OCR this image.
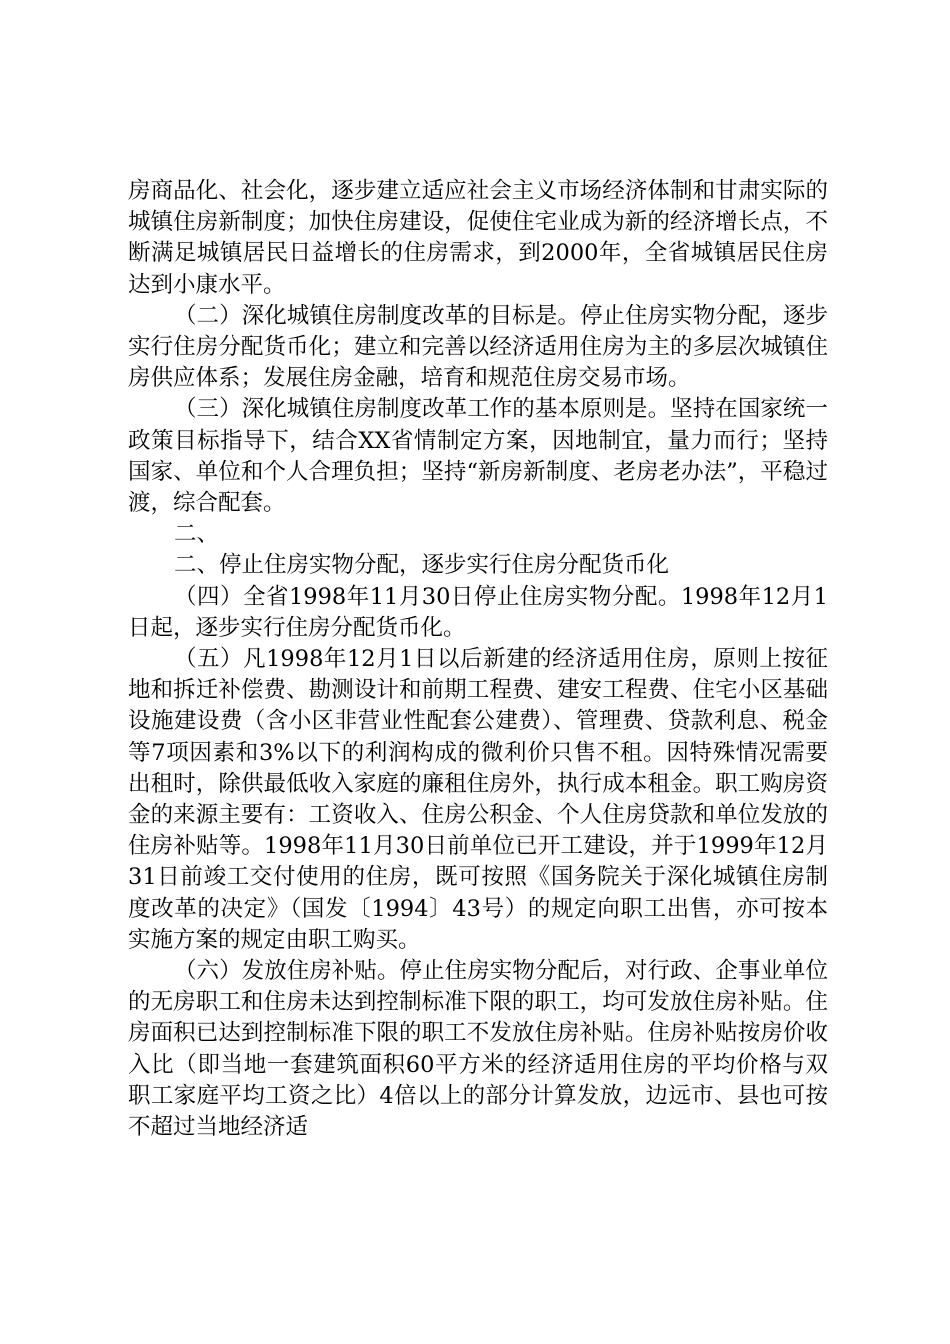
房商品化、社会化，逐步建立适应社会主义市场经济体制和甘肃实际的城镇住房新制度；加快住房建设，促使住宅业成为新的经济增长点，不断满足城镇居民日益增长的住房需求，到2000年，全省城镇居民住房达到小康水平。

（二）深化城镇住房制度改革的目标是。停止住房实物分配，逐步实行住房分配货币化；建立和完善以经济适用住房为主的多层次城镇住房供应体系；发展住房金融，培育和规范住房交易市场。

（三）深化城镇住房制度改革工作的基本原则是。坚持在国家统一政策目标指导下，结合XX省情制定方案，因地制宜，量力而行；坚持国家、单位和个人合理负担；坚持“新房新制度、老房老办法”，平稳过渡，综合配套。

二、

二、停止住房实物分配，逐步实行住房分配货币化

（四）全省1998年11月30日停止住房实物分配。1998年12月1日起，逐步实行住房分配货币化。

（五）凡1998年12月1日以后新建的经济适用住房，原则上按征地和拆迁补偿费、勘测设计和前期工程费、建安工程费、住宅小区基础设施建设费（含小区非营业性配套公建费）、管理费、贷款利息、税金等7项因素和3%以下的利润构成的微利价只售不租。因特殊情况需要出租时，除供最低收入家庭的廉租住房外，执行成本租金。职工购房资金的来源主要有：工资收入、住房公积金、个人住房贷款和单位发放的住房补贴等。1998年11月30日前单位已开工建设，并于1999年12月31日前竣工交付使用的住房，既可按照《国务院关于深化城镇住房制度改革的决定》（国发〔1994〕43号）的规定向职工出售，亦可按本实施方案的规定由职工购买。

（六）发放住房补贴。停止住房实物分配后，对行政、企事业单位的无房职工和住房未达到控制标准下限的职工，均可发放住房补贴。住房面积已达到控制标准下限的职工不发放住房补贴。住房补贴按房价收入比（即当地一套建筑面积60平方米的经济适用住房的平均价格与双职工家庭平均工资之比）4倍以上的部分计算发放，边远市、县也可按不超过当地经济适
